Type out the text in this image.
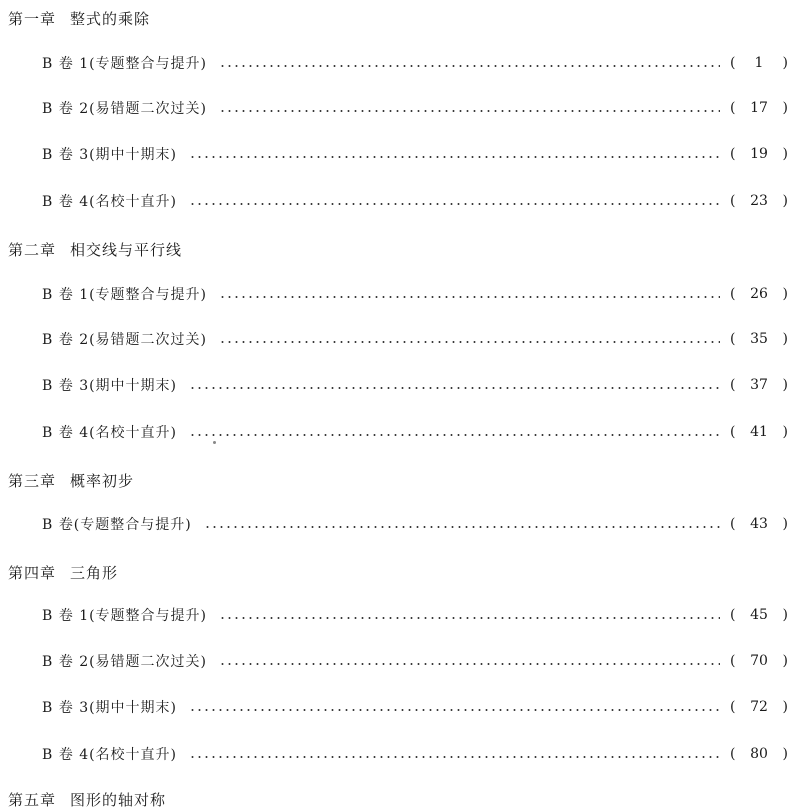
第一章 整式的乘除
B 卷 1(专题整合与提升)	(	1	)
B 卷 2(易错题二次过关)	(	17	)
B 卷 3(期中十期末)	(	19	)
B 卷 4(名校十直升)	(	23	)
第二章 相交线与平行线
B 卷 1(专题整合与提升)	(	26	)
B 卷 2(易错题二次过关)	(	35	)
B 卷 3(期中十期末)	(	37	)
B 卷 4(名校十直升)	(	41	)
第三章 概率初步
B 卷(专题整合与提升)	(	43	)
第四章 三角形
B 卷 1(专题整合与提升)	(	45	)
B 卷 2(易错题二次过关)	(	70	)
B 卷 3(期中十期末)	(	72	)
B 卷 4(名校十直升)	(	80	)
第五章 图形的轴对称
